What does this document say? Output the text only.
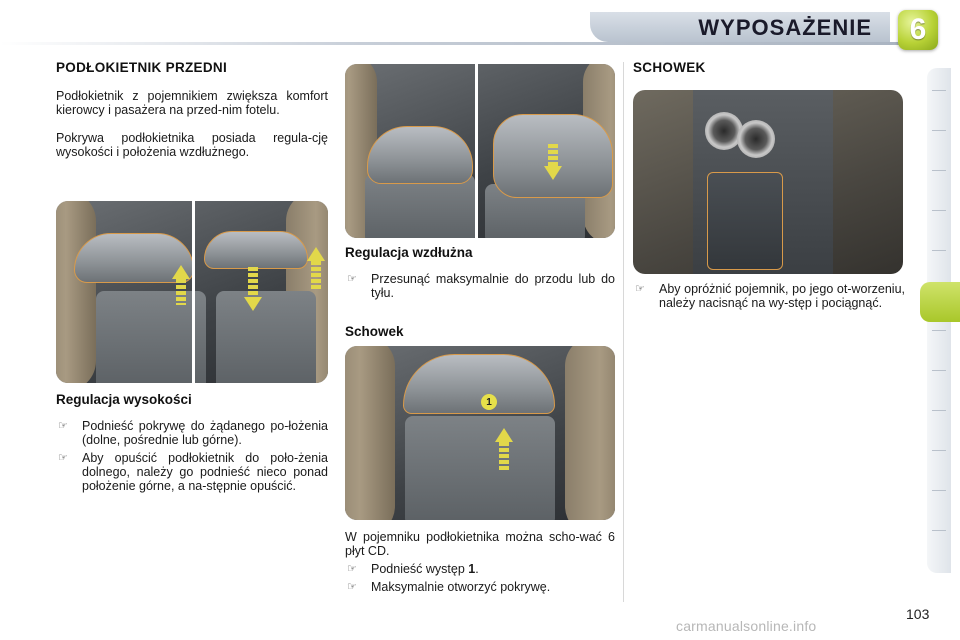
WYPOSAŻENIE	6
PODŁOKIETNIK PRZEDNI

Podłokietnik z pojemnikiem zwiększa komfort kierowcy i pasażera na przed-nim fotelu.

Pokrywa podłokietnika posiada regula-cję wysokości i położenia wzdłużnego.

Regulacja wysokości
☞	Podnieść pokrywę do żądanego po-łożenia (dolne, pośrednie lub górne).
☞	Aby opuścić podłokietnik do poło-żenia dolnego, należy go podnieść nieco ponad położenie górne, a na-stępnie opuścić.
Regulacja wzdłużna
☞	Przesunąć maksymalnie do przodu lub do tyłu.
Schowek
1

W pojemniku podłokietnika można scho-wać 6 płyt CD.

☞	Podnieść występ 1.
☞	Maksymalnie otworzyć pokrywę.
SCHOWEK
☞	Aby opróżnić pojemnik, po jego ot-worzeniu, należy nacisnąć na wy-stęp i pociągnąć.
103
carmanualsonline.info
